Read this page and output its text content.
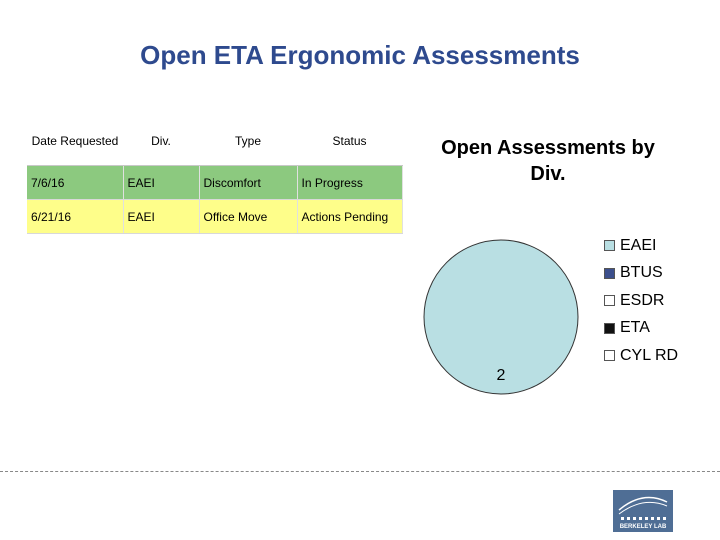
Open ETA Ergonomic Assessments
Date Requested	Div.	Type	Status
7/6/16	EAEI	Discomfort	In Progress
6/21/16	EAEI	Office Move	Actions Pending
Open Assessments by Div.
2
EAEI
BTUS
ESDR
ETA
CYL RD
BERKELEY LAB
